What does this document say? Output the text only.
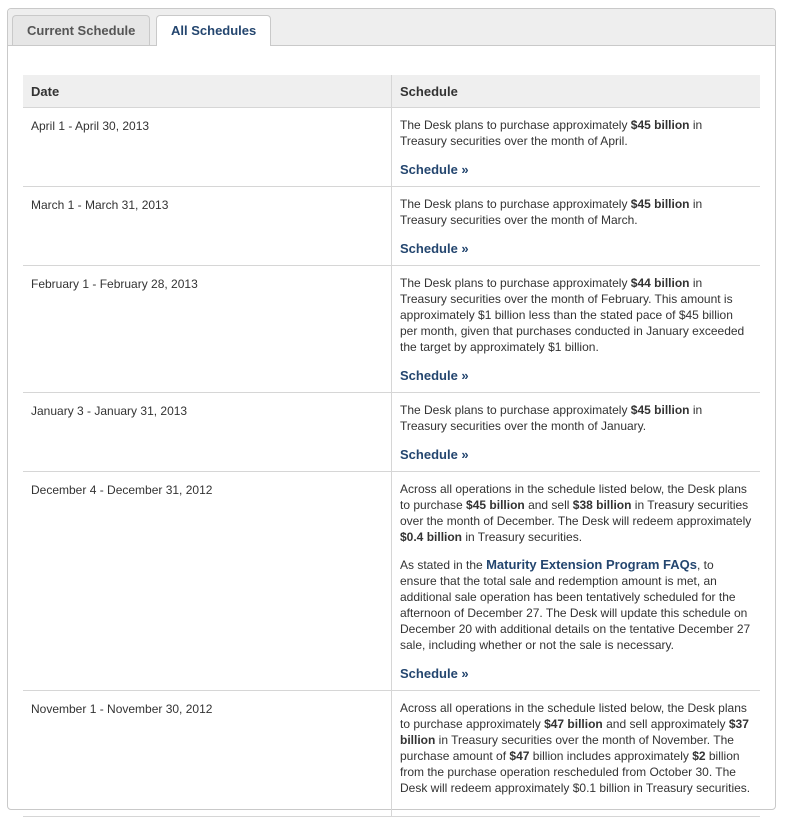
Current Schedule	All Schedules
Date	Schedule
April 1 - April 30, 2013	The Desk plans to purchase approximately $45 billion in Treasury securities over the month of April.

Schedule »
March 1 - March 31, 2013	The Desk plans to purchase approximately $45 billion in Treasury securities over the month of March.

Schedule »
February 1 - February 28, 2013	The Desk plans to purchase approximately $44 billion in Treasury securities over the month of February. This amount is approximately $1 billion less than the stated pace of $45 billion per month, given that purchases conducted in January exceeded the target by approximately $1 billion.

Schedule »
January 3 - January 31, 2013	The Desk plans to purchase approximately $45 billion in Treasury securities over the month of January.

Schedule »
December 4 - December 31, 2012	Across all operations in the schedule listed below, the Desk plans to purchase $45 billion and sell $38 billion in Treasury securities over the month of December. The Desk will redeem approximately $0.4 billion in Treasury securities.

As stated in the Maturity Extension Program FAQs, to ensure that the total sale and redemption amount is met, an additional sale operation has been tentatively scheduled for the afternoon of December 27. The Desk will update this schedule on December 20 with additional details on the tentative December 27 sale, including whether or not the sale is necessary.

Schedule »
November 1 - November 30, 2012	Across all operations in the schedule listed below, the Desk plans to purchase approximately $47 billion and sell approximately $37 billion in Treasury securities over the month of November. The purchase amount of $47 billion includes approximately $2 billion from the purchase operation rescheduled from October 30. The Desk will redeem approximately $0.1 billion in Treasury securities.
